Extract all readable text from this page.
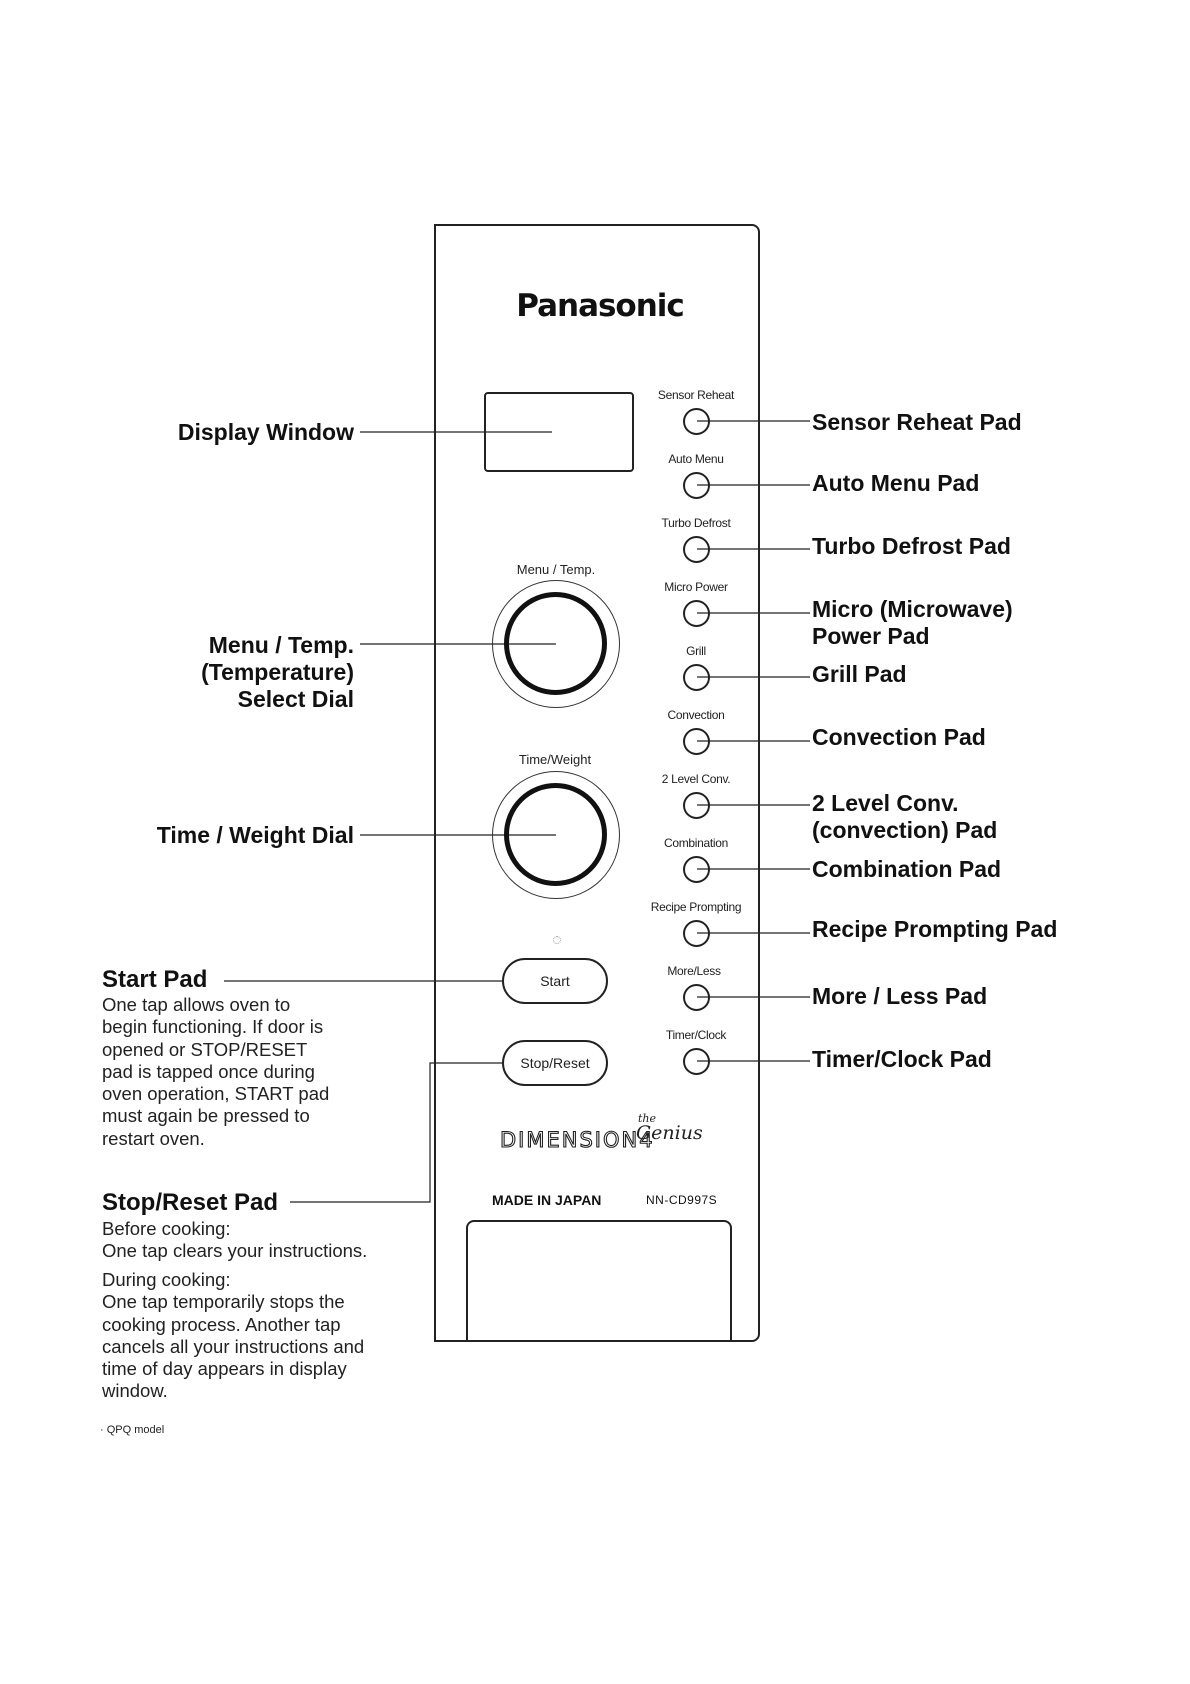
Panasonic
Menu / Temp.
Time/Weight
Sensor Reheat
Auto Menu
Turbo Defrost
Micro Power
Grill
Convection
2 Level Conv.
Combination
Recipe Prompting
More/Less
Timer/Clock
Start
Stop/Reset
DIMENSION4
the
Genius
MADE IN JAPAN	NN-CD997S
Display Window
Menu / Temp.
(Temperature)
Select Dial
Time / Weight Dial
Sensor Reheat Pad
Auto Menu Pad
Turbo Defrost Pad
Micro (Microwave)
Power Pad
Grill Pad
Convection Pad
2 Level Conv.
(convection) Pad
Combination Pad
Recipe Prompting Pad
More / Less Pad
Timer/Clock Pad
Start Pad
One tap allows oven to
begin functioning. If door is
opened or STOP/RESET
pad is tapped once during
oven operation, START pad
must again be pressed to
restart oven.
Stop/Reset Pad
Before cooking:
One tap clears your instructions.
During cooking:
One tap temporarily stops the
cooking process. Another tap
cancels all your instructions and
time of day appears in display
window.
· QPQ model
